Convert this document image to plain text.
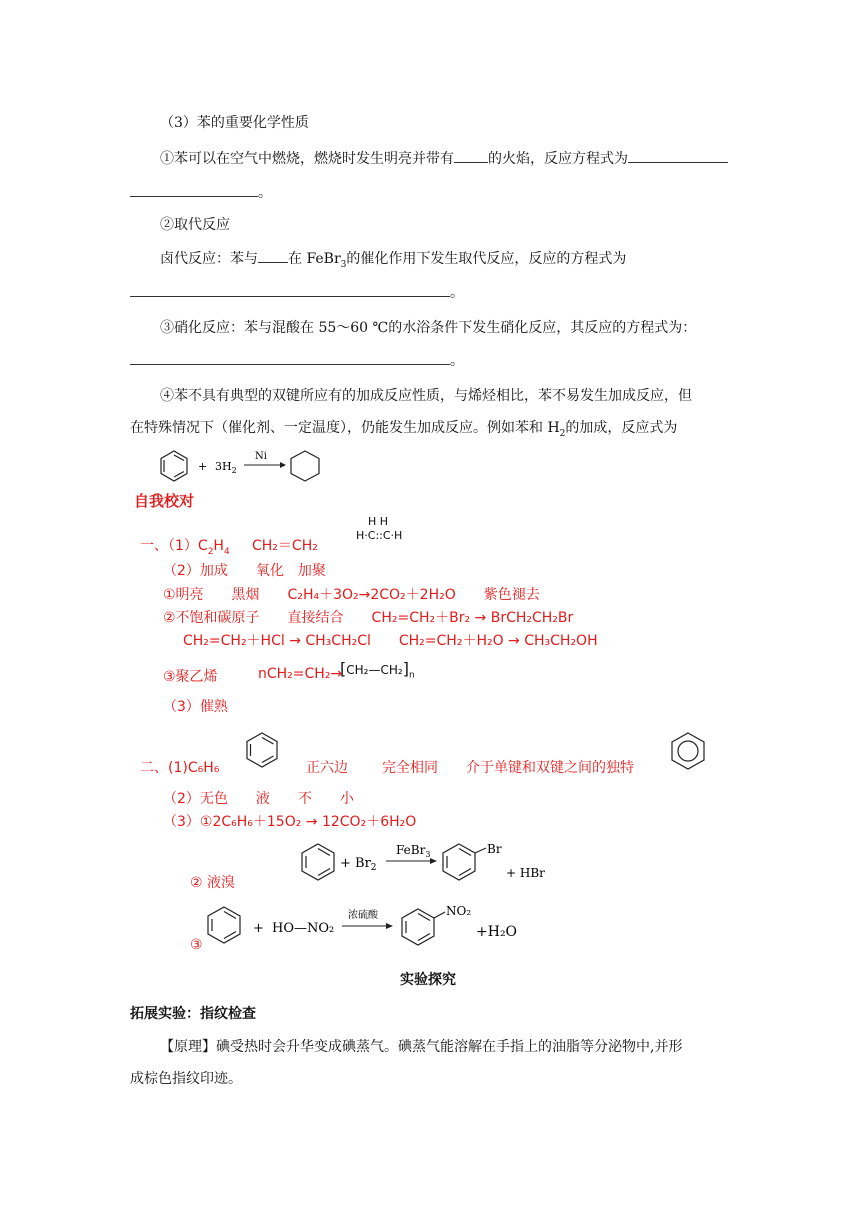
（3）苯的重要化学性质
①苯可以在空气中燃烧，燃烧时发生明亮并带有 的火焰，反应方程式为
。
②取代反应
卤代反应：苯与 在 FeBr$_3$的催化作用下发生取代反应，反应的方程式为
。
③硝化反应：苯与混酸在 55～60 ℃的水浴条件下发生硝化反应，其反应的方程式为：
。
④苯不具有典型的双键所应有的加成反应性质，与烯烃相比，苯不易发生加成反应，但
在特殊情况下（催化剂、一定温度），仍能发生加成反应。例如苯和 $H_2$的加成，反应式为
+ $3H_2$
Ni
自我校对
一、$(1)C_2H_4$ CH₂＝CH₂
H H
H·C::C·H
（2）加成　　氧化　加聚
①明亮　　黑烟　　C₂H₄＋3O₂→2CO₂＋2H₂O　　紫色褪去
②不饱和碳原子　　直接结合　　CH₂=CH₂＋Br₂ → BrCH₂CH₂Br
CH₂=CH₂＋HCl → CH₃CH₂Cl　　CH₂=CH₂＋H₂O → CH₃CH₂OH
③聚乙烯	nCH₂=CH₂→
$[CH_2—CH_2]_n$
（3）催熟
二、(1)C₆H₆	正六边 完全相同 介于单键和双键之间的独特
（2）无色　　液　　不　　小
（3）①2C₆H₆＋15O₂ → 12CO₂＋6H₂O
+ $Br_2$
FeBr$_3$	Br
+ HBr
② 液溴
③
+ HO—NO₂
浓硫酸	NO₂
+H₂O
实验探究
拓展实验：指纹检查
【原理】碘受热时会升华变成碘蒸气。碘蒸气能溶解在手指上的油脂等分泌物中,并形
成棕色指纹印迹。
